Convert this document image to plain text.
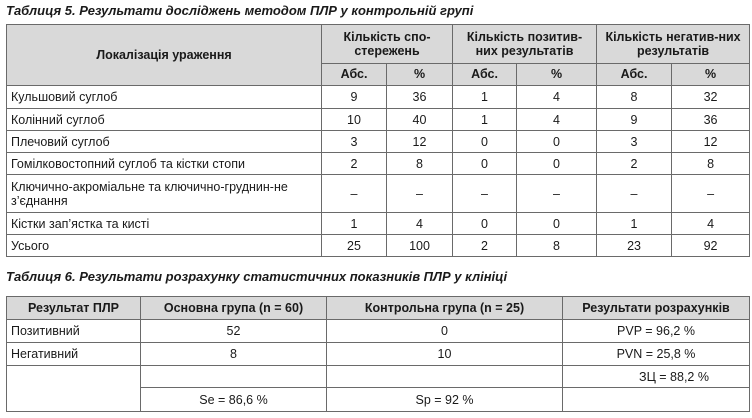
Таблиця 5. Результати досліджень методом ПЛР у контрольній групі
Локалізація ураження	Кількість спо-стережень		Кількість позитив-них результатів		Кількість негатив-них результатів	
	Абс.	%	Абс.	%	Абс.	%
Кульшовий суглоб	9	36	1	4	8	32
Колінний суглоб	10	40	1	4	9	36
Плечовий суглоб	3	12	0	0	3	12
Гомілковостопний суглоб та кістки стопи	2	8	0	0	2	8
Ключично-акроміальне та ключично-груднин-не з’єднання	–	–	–	–	–	–
Кістки зап’ястка та кисті	1	4	0	0	1	4
Усього	25	100	2	8	23	92
Таблиця 6. Результати розрахунку статистичних показників ПЛР у клініці
Результат ПЛР	Основна група (n = 60)	Контрольна група (n = 25)	Результати розрахунків
Позитивний	52	0	PVP = 96,2 %
Негативний	8	10	PVN = 25,8 %
			ЗЦ = 88,2 %
	Se = 86,6 %	Sp = 92 %	
